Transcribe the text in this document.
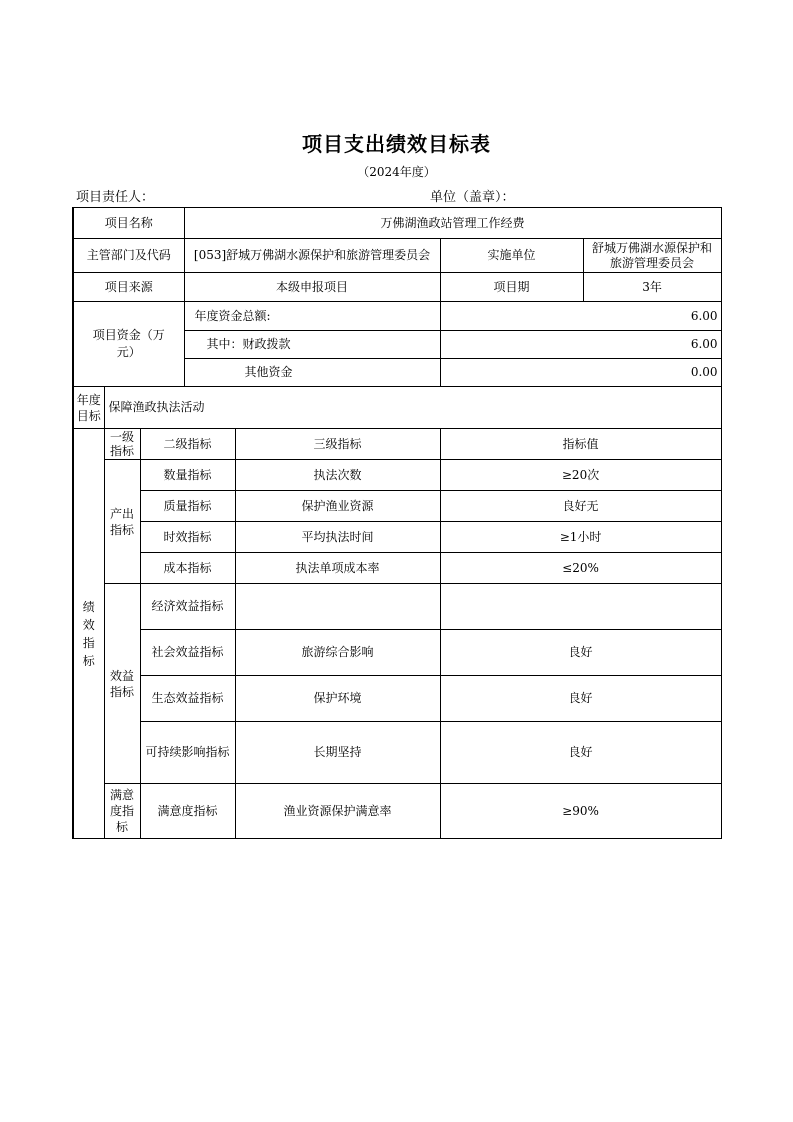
项目支出绩效目标表
（2024年度）
项目责任人：	单位（盖章）：
项目名称			万佛湖渔政站管理工作经费			
主管部门及代码			[053]舒城万佛湖水源保护和旅游管理委员会		实施单位	舒城万佛湖水源保护和旅游管理委员会
项目来源			本级申报项目		项目期	3年

项目资金（万元）			年度资金总额:		6.00	
			其中：财政拨款		6.00	
			其他资金		0.00	

年度目标	保障渔政执法活动					

绩效指标	一级指标	二级指标		三级指标	指标值	

	产出指标	数量指标		执法次数	≥20次	
		质量指标		保护渔业资源	良好无	
		时效指标		平均执法时间	≥1小时	
		成本指标		执法单项成本率	≤20%	

	效益指标	经济效益指标				
		社会效益指标		旅游综合影响	良好	
		生态效益指标		保护环境	良好	
		可持续影响指标		长期坚持	良好	

	满意度指标	满意度指标		渔业资源保护满意率	≥90%	
